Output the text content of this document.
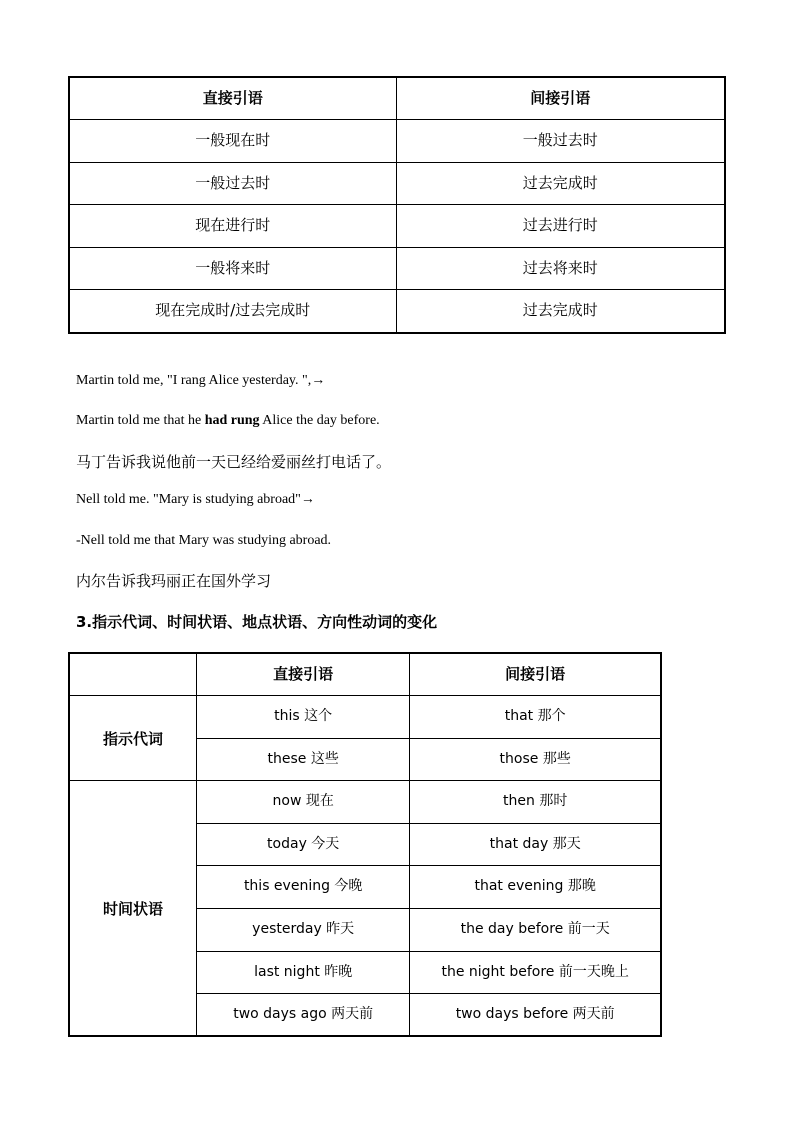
直接引语	间接引语
一般现在时	一般过去时
一般过去时	过去完成时
现在进行时	过去进行时
一般将来时	过去将来时
现在完成时/过去完成时	过去完成时
Martin told me, "I rang Alice yesterday. ",→
Martin told me that he had rung Alice the day before.
马丁告诉我说他前一天已经给爱丽丝打电话了。
Nell told me. "Mary is studying abroad"→
-Nell told me that Mary was studying abroad.
内尔告诉我玛丽正在国外学习
3.指示代词、时间状语、地点状语、方向性动词的变化
	直接引语	间接引语
指示代词	this 这个	that 那个
	these 这些	those 那些
时间状语	now 现在	then 那时
	today 今天	that day 那天
	this evening 今晚	that evening 那晚
	yesterday 昨天	the day before 前一天
	last night 昨晚	the night before 前一天晚上
	two days ago 两天前	two days before 两天前
